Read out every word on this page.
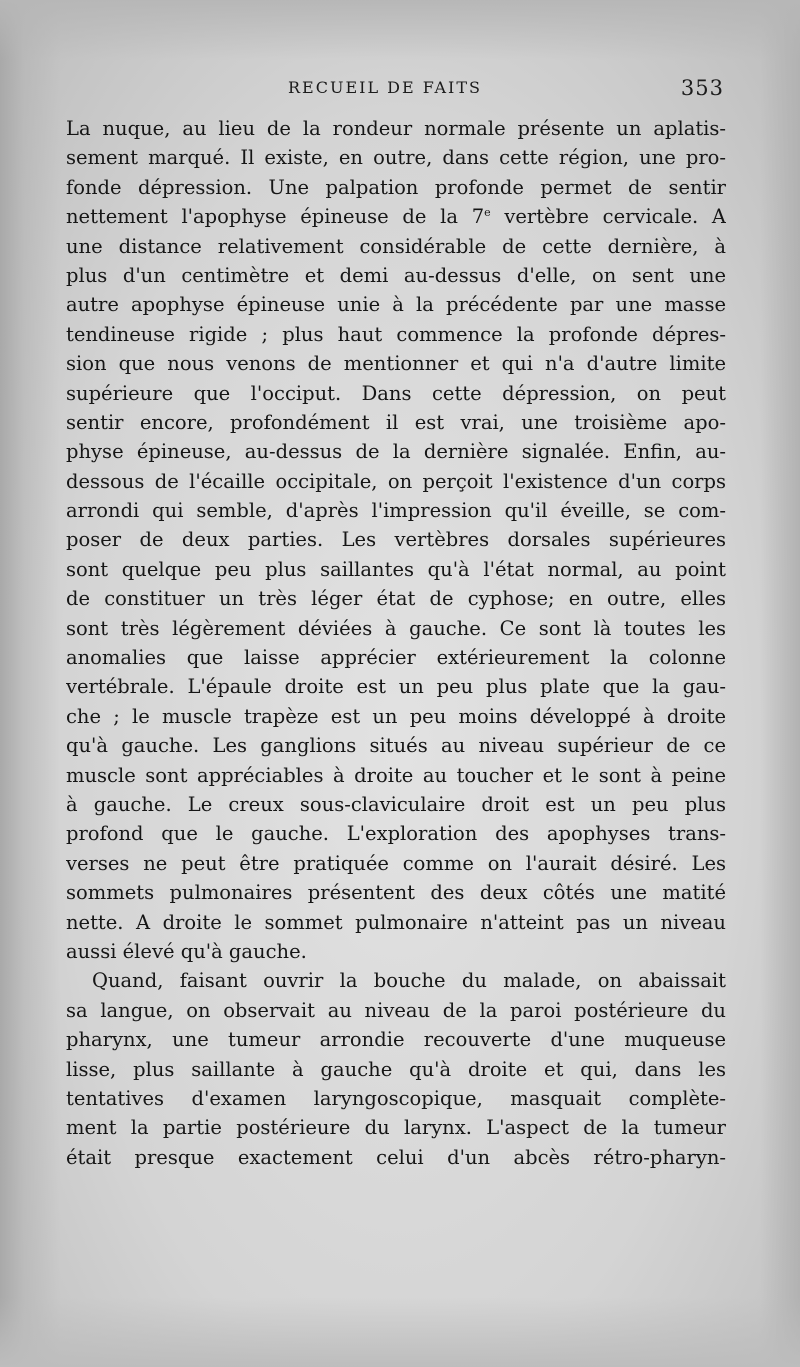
RECUEIL DE FAITS	353
La nuque, au lieu de la rondeur normale présente un aplatis-
sement marqué. Il existe, en outre, dans cette région, une pro-
fonde dépression. Une palpation profonde permet de sentir
nettement l'apophyse épineuse de la 7e vertèbre cervicale. A
une distance relativement considérable de cette dernière, à
plus d'un centimètre et demi au-dessus d'elle, on sent une
autre apophyse épineuse unie à la précédente par une masse
tendineuse rigide ; plus haut commence la profonde dépres-
sion que nous venons de mentionner et qui n'a d'autre limite
supérieure que l'occiput. Dans cette dépression, on peut
sentir encore, profondément il est vrai, une troisième apo-
physe épineuse, au-dessus de la dernière signalée. Enfin, au-
dessous de l'écaille occipitale, on perçoit l'existence d'un corps
arrondi qui semble, d'après l'impression qu'il éveille, se com-
poser de deux parties. Les vertèbres dorsales supérieures
sont quelque peu plus saillantes qu'à l'état normal, au point
de constituer un très léger état de cyphose; en outre, elles
sont très légèrement déviées à gauche. Ce sont là toutes les
anomalies que laisse apprécier extérieurement la colonne
vertébrale. L'épaule droite est un peu plus plate que la gau-
che ; le muscle trapèze est un peu moins développé à droite
qu'à gauche. Les ganglions situés au niveau supérieur de ce
muscle sont appréciables à droite au toucher et le sont à peine
à gauche. Le creux sous-claviculaire droit est un peu plus
profond que le gauche. L'exploration des apophyses trans-
verses ne peut être pratiquée comme on l'aurait désiré. Les
sommets pulmonaires présentent des deux côtés une matité
nette. A droite le sommet pulmonaire n'atteint pas un niveau
aussi élevé qu'à gauche.
Quand, faisant ouvrir la bouche du malade, on abaissait
sa langue, on observait au niveau de la paroi postérieure du
pharynx, une tumeur arrondie recouverte d'une muqueuse
lisse, plus saillante à gauche qu'à droite et qui, dans les
tentatives d'examen laryngoscopique, masquait complète-
ment la partie postérieure du larynx. L'aspect de la tumeur
était presque exactement celui d'un abcès rétro-pharyn-
